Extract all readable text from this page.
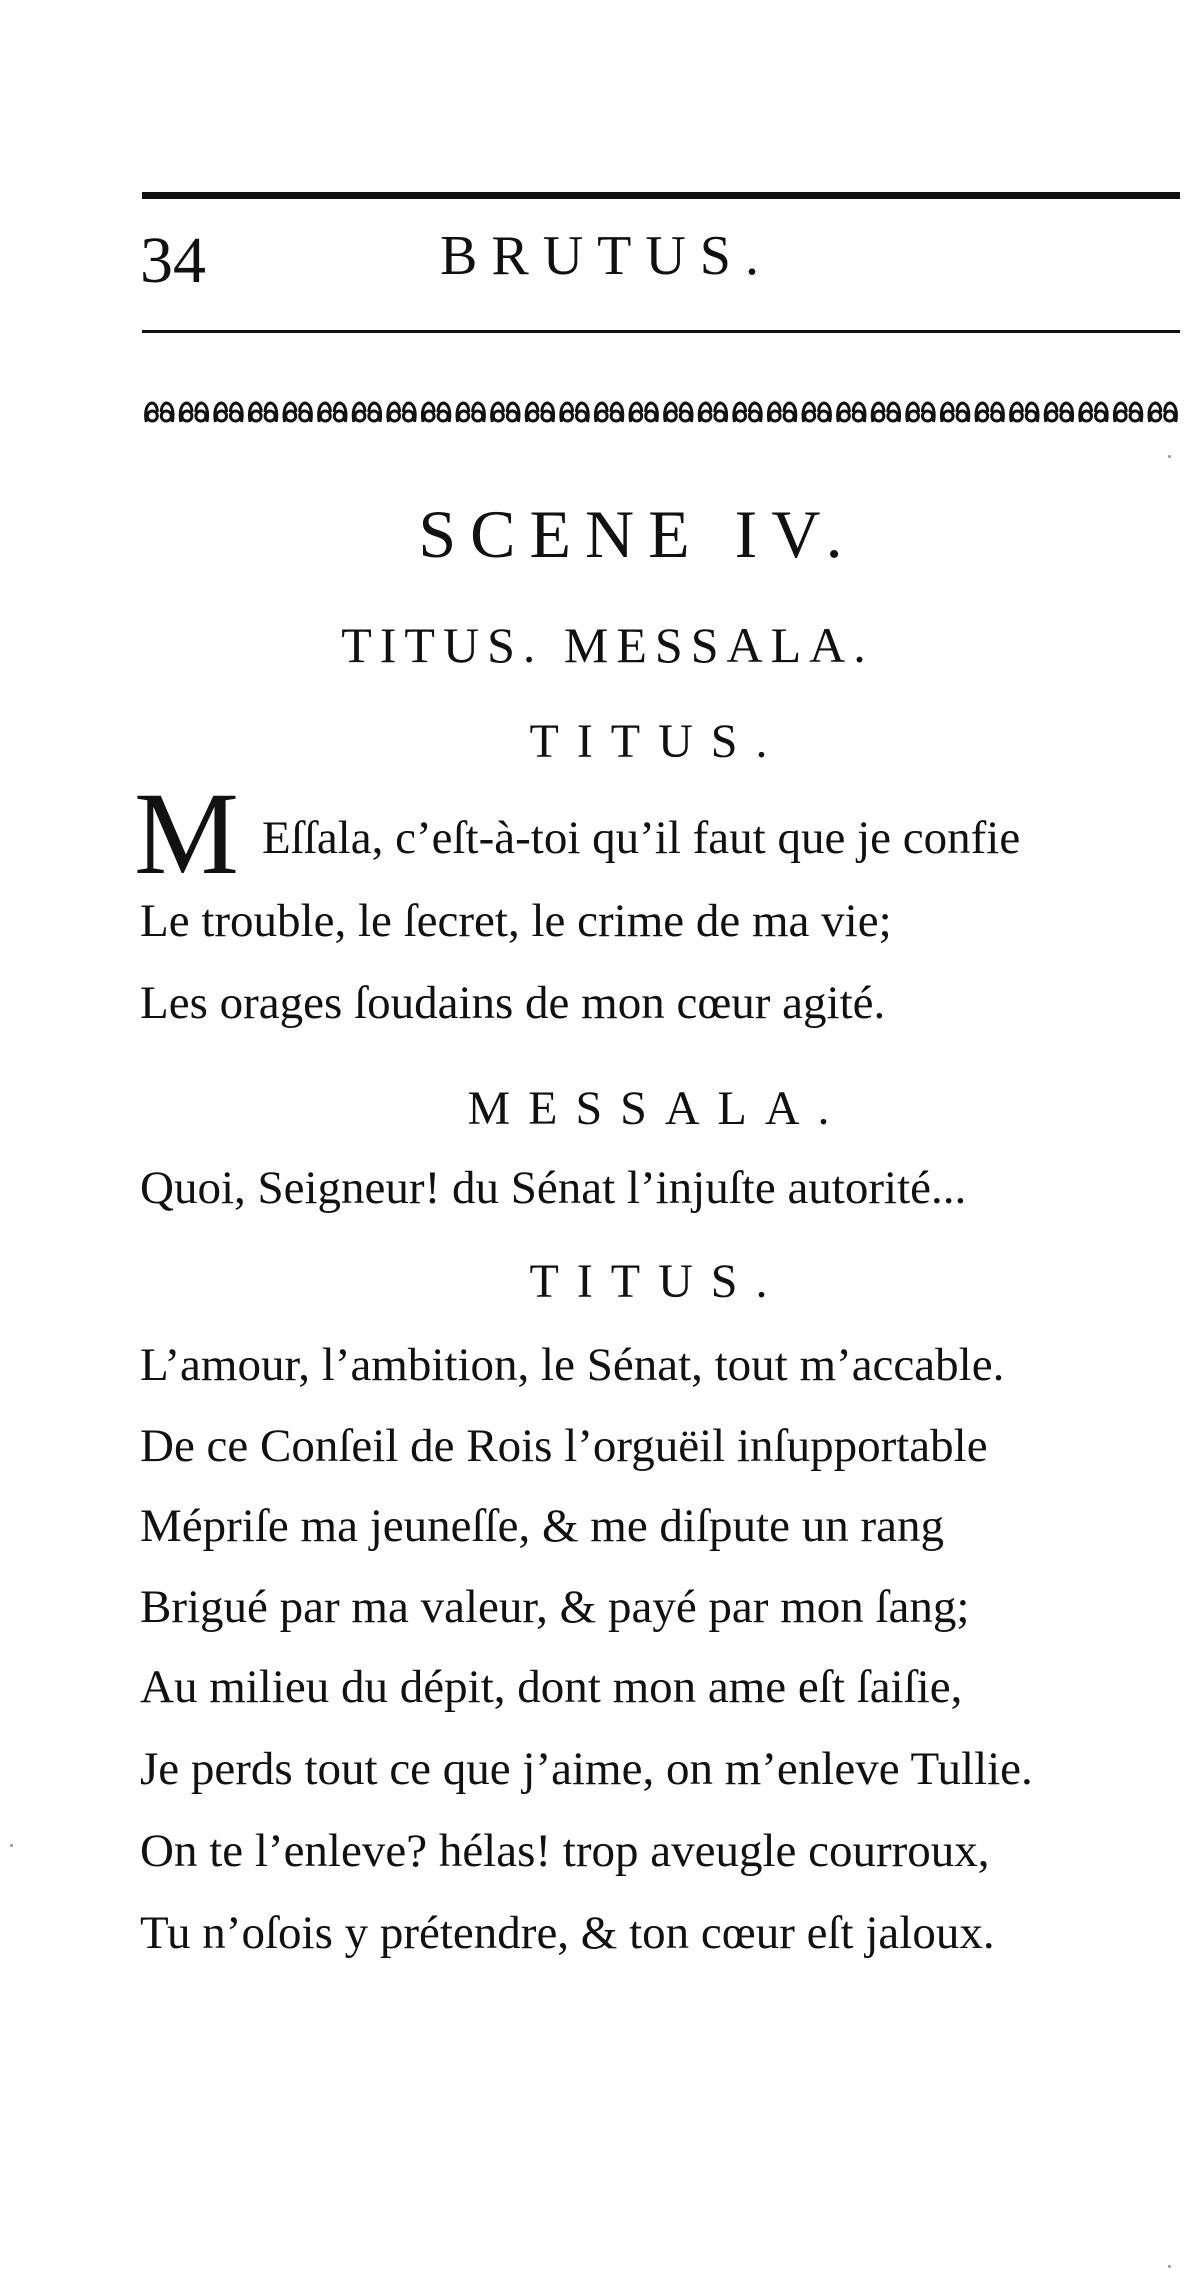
34	BRUTUS.
SCENE IV.
TITUS. MESSALA.
TITUS.
M Eſſala, c’eſt-à-toi qu’il faut que je confie
Le trouble, le ſecret, le crime de ma vie;
Les orages ſoudains de mon cœur agité.
MESSALA.
Quoi, Seigneur! du Sénat l’injuſte autorité...
TITUS.
L’amour, l’ambition, le Sénat, tout m’accable.
De ce Conſeil de Rois l’orguëil inſupportable
Mépriſe ma jeuneſſe, & me diſpute un rang
Brigué par ma valeur, & payé par mon ſang;
Au milieu du dépit, dont mon ame eſt ſaiſie,
Je perds tout ce que j’aime, on m’enleve Tullie.
On te l’enleve? hélas! trop aveugle courroux,
Tu n’oſois y prétendre, & ton cœur eſt jaloux.
